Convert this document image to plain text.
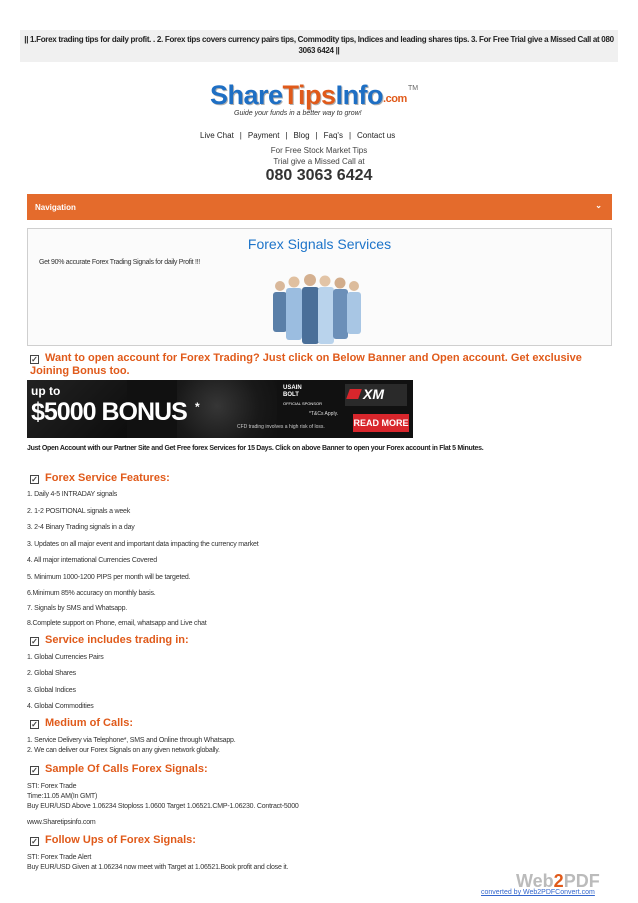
|| 1.Forex trading tips for daily profit. . 2. Forex tips covers currency pairs tips, Commodity tips, Indices and leading shares tips. 3. For Free Trial give a Missed Call at 080 3063 6424 ||
ShareTipsInfo.com
TM
Guide your funds in a better way to grow!
Live Chat | Payment | Blog | Faq's | Contact us
For Free Stock Market Tips
Trial give a Missed Call at
080 3063 6424
Navigation	⌄
Forex Signals Services
Get 90% accurate Forex Trading Signals for daily Profit !!!
✓ Want to open account for Forex Trading? Just click on Below Banner and Open account. Get exclusive Joining Bonus too.
up to
$5000 BONUS *
USAIN
BOLT
OFFICIAL SPONSOR
XM
*T&Cs Apply.
CFD trading involves a high risk of loss.	READ MORE
Just Open Account with our Partner Site and Get Free forex Services for 15 Days. Click on above Banner to open your Forex account in Flat 5 Minutes.
✓ Forex Service Features:
1. Daily 4-5 INTRADAY signals
2. 1-2 POSITIONAL signals a week
3. 2-4 Binary Trading signals in a day
3. Updates on all major event and important data impacting the currency market
4. All major international Currencies Covered
5. Minimum 1000-1200 PIPS per month will be targeted.
6.Minimum 85% accuracy on monthly basis.
7. Signals by SMS and Whatsapp.
8.Complete support on Phone, email, whatsapp and Live chat
✓ Service includes trading in:
1. Global Currencies Pairs
2. Global Shares
3. Global Indices
4. Global Commodities
✓ Medium of Calls:
1. Service Delivery via Telephone*, SMS and Online through Whatsapp.
2. We can deliver our Forex Signals on any given network globally.
✓ Sample Of Calls Forex Signals:
STI: Forex Trade
Time:11.05 AM(In GMT)
Buy EUR/USD Above 1.06234 Stoploss 1.0600 Target 1.06521.CMP-1.06230. Contract-5000
www.Sharetipsinfo.com
✓ Follow Ups of Forex Signals:
STI: Forex Trade Alert
Buy EUR/USD Given at 1.06234 now meet with Target at 1.06521.Book profit and close it.
Web2PDF
converted by Web2PDFConvert.com
